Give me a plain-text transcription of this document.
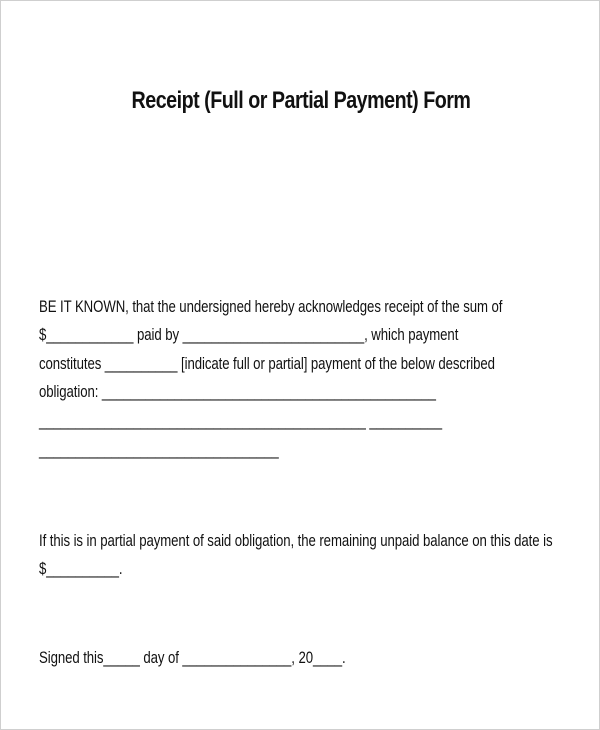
Receipt (Full or Partial Payment) Form
BE IT KNOWN, that the undersigned hereby acknowledges receipt of the sum of
$____________ paid by _________________________, which payment
constitutes __________ [indicate full or partial] payment of the below described
obligation: ______________________________________________
_____________________________________________ __________
_________________________________
If this is in partial payment of said obligation, the remaining unpaid balance on this date is
$__________.
Signed this_____ day of _______________, 20____.
